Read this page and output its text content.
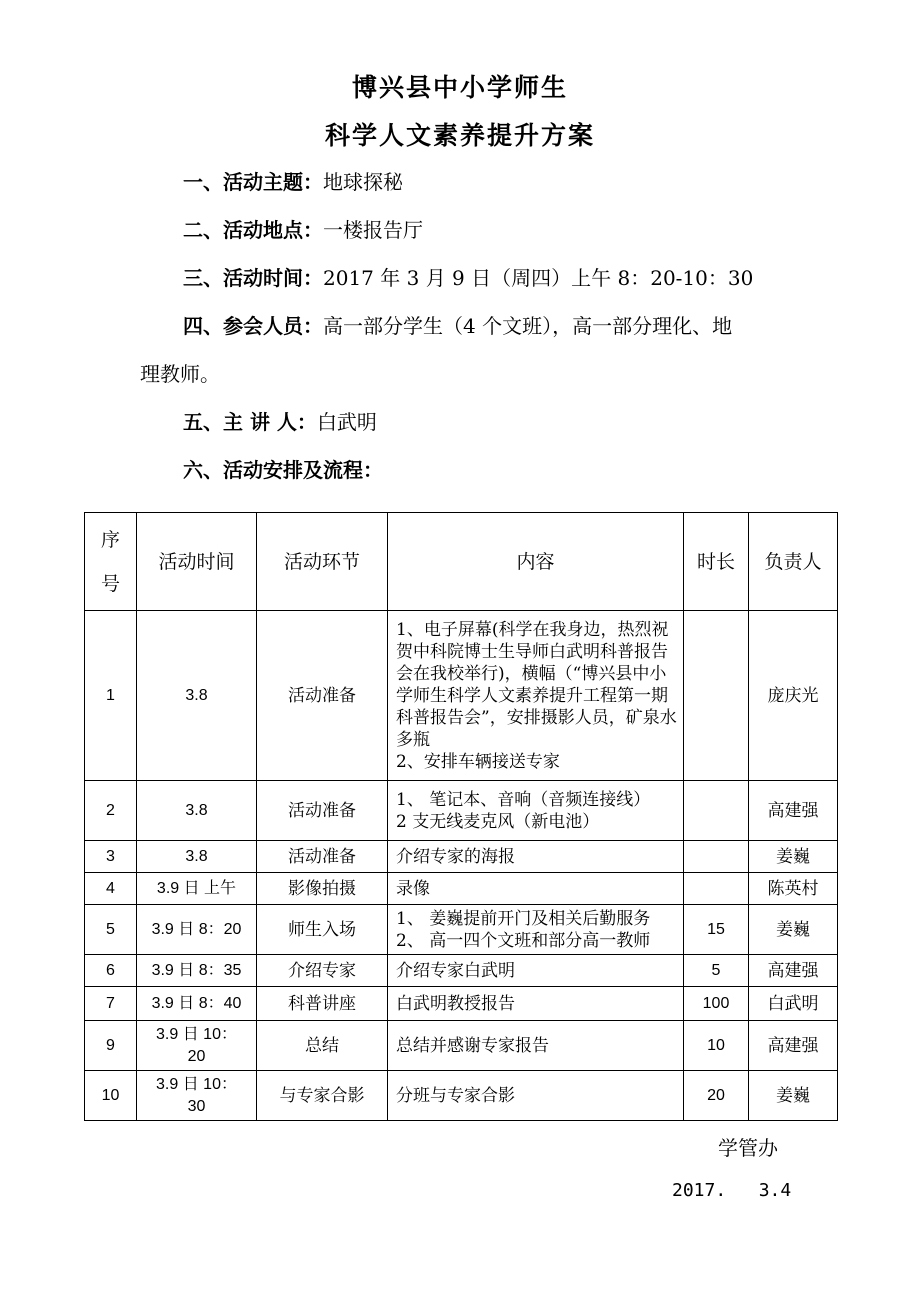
博兴县中小学师生
科学人文素养提升方案
一、活动主题：地球探秘
二、活动地点：一楼报告厅
三、活动时间：2017 年 3 月 9 日（周四）上午 8：20-10：30
四、参会人员：高一部分学生（4 个文班），高一部分理化、地
理教师。
五、主 讲 人：白武明
六、活动安排及流程：
序
号	活动时间	活动环节	内容	时长	负责人
1	3.8	活动准备	1、电子屏幕(科学在我身边，热烈祝贺中科院博士生导师白武明科普报告会在我校举行)，横幅（“博兴县中小学师生科学人文素养提升工程第一期科普报告会”，安排摄影人员，矿泉水多瓶
2、安排车辆接送专家		庞庆光
2	3.8	活动准备	1、 笔记本、音响（音频连接线）
2 支无线麦克风（新电池）		高建强
3	3.8	活动准备	介绍专家的海报		姜巍
4	3.9 日 上午	影像拍摄	录像		陈英村
5	3.9 日 8：20	师生入场	1、 姜巍提前开门及相关后勤服务
2、 高一四个文班和部分高一教师	15	姜巍
6	3.9 日 8：35	介绍专家	介绍专家白武明	5	高建强
7	3.9 日 8：40	科普讲座	白武明教授报告	100	白武明
9	3.9 日 10：
20	总结	总结并感谢专家报告	10	高建强
10	3.9 日 10：
30	与专家合影	分班与专家合影	20	姜巍
学管办
2017.   3.4
